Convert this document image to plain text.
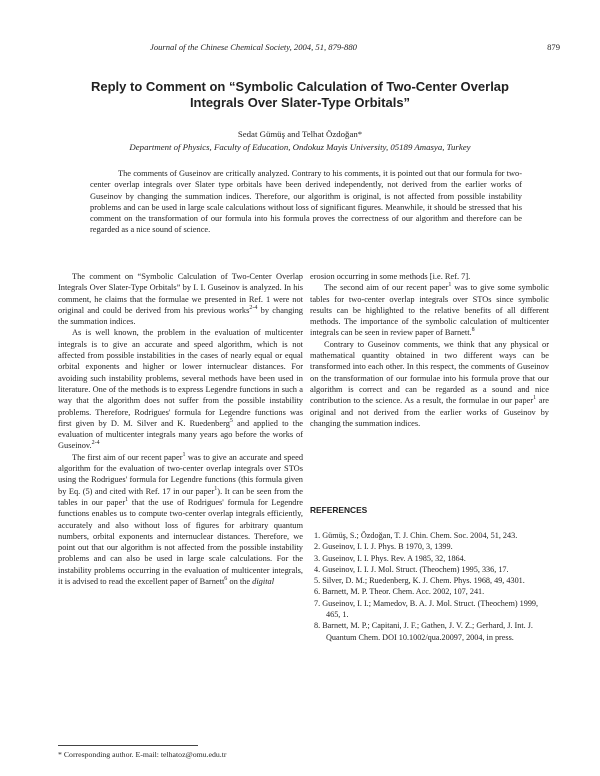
Journal of the Chinese Chemical Society, 2004, 51, 879-880	879
Reply to Comment on “Symbolic Calculation of Two-Center Overlap
Integrals Over Slater-Type Orbitals”
Sedat Gümüş and Telhat Özdoğan*
Department of Physics, Faculty of Education, Ondokuz Mayis University, 05189 Amasya, Turkey
The comments of Guseinov are critically analyzed. Contrary to his comments, it is pointed out that our formula for two-center overlap integrals over Slater type orbitals have been derived independently, not derived from the earlier works of Guseinov by changing the summation indices. Therefore, our algorithm is original, is not affected from possible instability problems and can be used in large scale calculations without loss of significant figures. Meanwhile, it should be stressed that his comment on the transformation of our formula into his formula proves the correctness of our algorithm and therefore can be regarded as a nice sound of science.

The comment on “Symbolic Calculation of Two-Center Overlap Integrals Over Slater-Type Orbitals” by I. I. Guseinov is analyzed. In his comment, he claims that the formulae we presented in Ref. 1 were not original and could be derived from his previous works$^{2-4}$ by changing the summation indices.

As is well known, the problem in the evaluation of multicenter integrals is to give an accurate and speed algorithm, which is not affected from possible instabilities in the cases of nearly equal or equal orbital exponents and higher or lower internuclear distances. For avoiding such instability problems, several methods have been used in literature. One of the methods is to express Legendre functions in such a way that the algorithm does not suffer from the possible instability problems. Therefore, Rodrigues' formula for Legendre functions was first given by D. M. Silver and K. Ruedenberg$^5$ and applied to the evaluation of multicenter integrals many years ago before the works of Guseinov.$^{2-4}$

The first aim of our recent paper$^1$ was to give an accurate and speed algorithm for the evaluation of two-center overlap integrals over STOs using the Rodrigues' formula for Legendre functions (this formula given by Eq. (5) and cited with Ref. 17 in our paper$^1$). It can be seen from the tables in our paper$^1$ that the use of Rodrigues' formula for Legendre functions enables us to compute two-center overlap integrals efficiently, accurately and also without loss of figures for arbitrary quantum numbers, orbital exponents and internuclear distances. Therefore, we point out that our algorithm is not affected from the possible instability problems and can also be used in large scale calculations. For the instability problems occurring in the evaluation of multicenter integrals, it is advised to read the excellent paper of Barnett$^6$ on the digital

erosion occurring in some methods [i.e. Ref. 7].

The second aim of our recent paper$^1$ was to give some symbolic tables for two-center overlap integrals over STOs since symbolic results can be highlighted to the relative benefits of all different methods. The importance of the symbolic calculation of multicenter integrals can be seen in review paper of Barnett.$^8$

Contrary to Guseinov comments, we think that any physical or mathematical quantity obtained in two different ways can be transformed into each other. In this respect, the comments of Guseinov on the transformation of our formulae into his formula prove that our algorithm is correct and can be regarded as a sound and nice contribution to the science. As a result, the formulae in our paper$^1$ are original and not derived from the earlier works of Guseinov by changing the summation indices.

REFERENCES
1. Gümüş, S.; Özdoğan, T. J. Chin. Chem. Soc. 2004, 51, 243.
2. Guseinov, I. I. J. Phys. B 1970, 3, 1399.
3. Guseinov, I. I. Phys. Rev. A 1985, 32, 1864.
4. Guseinov, I. I. J. Mol. Struct. (Theochem) 1995, 336, 17.
5. Silver, D. M.; Ruedenberg, K. J. Chem. Phys. 1968, 49, 4301.
6. Barnett, M. P. Theor. Chem. Acc. 2002, 107, 241.
7. Guseinov, I. I.; Mamedov, B. A. J. Mol. Struct. (Theochem) 1999, 465, 1.
8. Barnett, M. P.; Capitani, J. F.; Gathen, J. V. Z.; Gerhard, J. Int. J. Quantum Chem. DOI 10.1002/qua.20097, 2004, in press.
* Corresponding author. E-mail: telhatoz@omu.edu.tr
